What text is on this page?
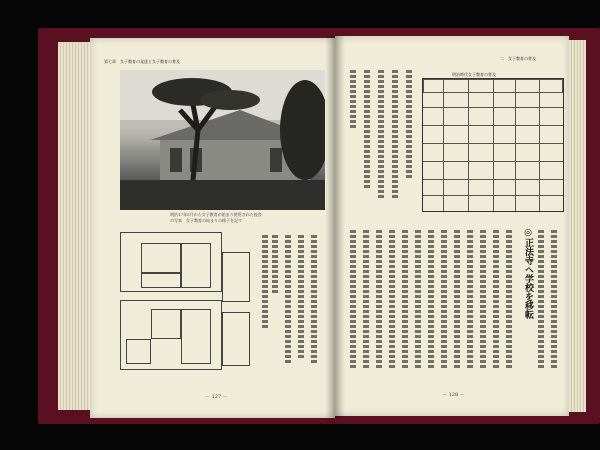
第七章　女子教育の発達と女子教育の普及
明治17年5月から女子教育が始まり使用された校舎
の写真　女子教育の始まりの様子を記す
－ 127 －
二　女子教育の普及
明治時代女子教育の普及
◎正法寺へ学校を移転
－ 128 －
